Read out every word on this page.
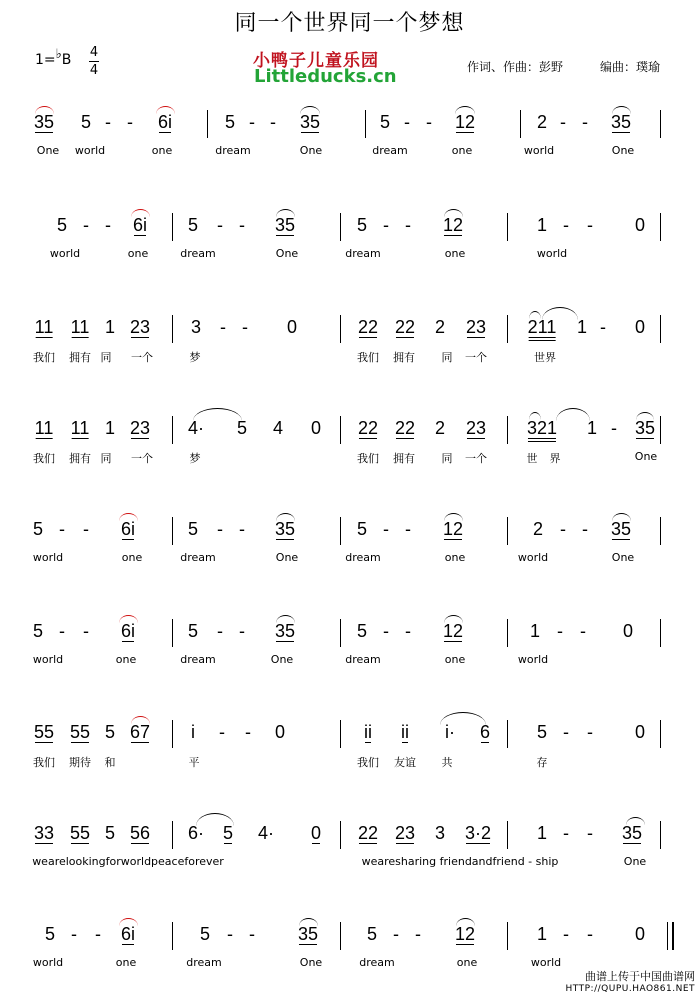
同一个世界同一个梦想
1=♭B 4
4	小鸭子儿童乐园
Littleducks.cn	作词、作曲：彭野	编曲：璞瑜
35 5 - - 6i	5 - - 35	5 - - 12	2 - - 35
One world	one	dream	One	dream	one	world	One
5 - - 6i 5 - - 35	5 - - 12	1 - - 0
world	one	dream	One	dream	one	world
11 11 1 23 3 - - 0	22 22 2 23 211 1 - 0
我们 拥有 同 一个	梦	我们 拥有 同 一个	世界
11 11 1 23 4· 5 4 0 22 22 2 23 321 1 - 35
我们 拥有 同 一个	梦	我们 拥有 同 一个	世 界	One
5 - - 6i	5 - - 35	5 - - 12	2 - - 35
world	one	dream	One	dream	one	world	One
5 - - 6i	5 - - 35	5 - - 12	1 - - 0
world	one	dream	One	dream	one	world
55 55 5 67 i - - 0	ii ii i· 6	5 - - 0
我们 期待 和	平	我们 友谊 共	存
33 55 5 56 6· 5 4· 0 22 23 3 3·2	1 - - 35
wearelookingforworldpeaceforever	wearesharing friendandfriend - ship	One
5 - - 6i	5 - - 35	5 - - 12	1 - - 0
world	one	dream	One	dream	one	world
曲谱上传于中国曲谱网
HTTP://QUPU.HAO861.NET
